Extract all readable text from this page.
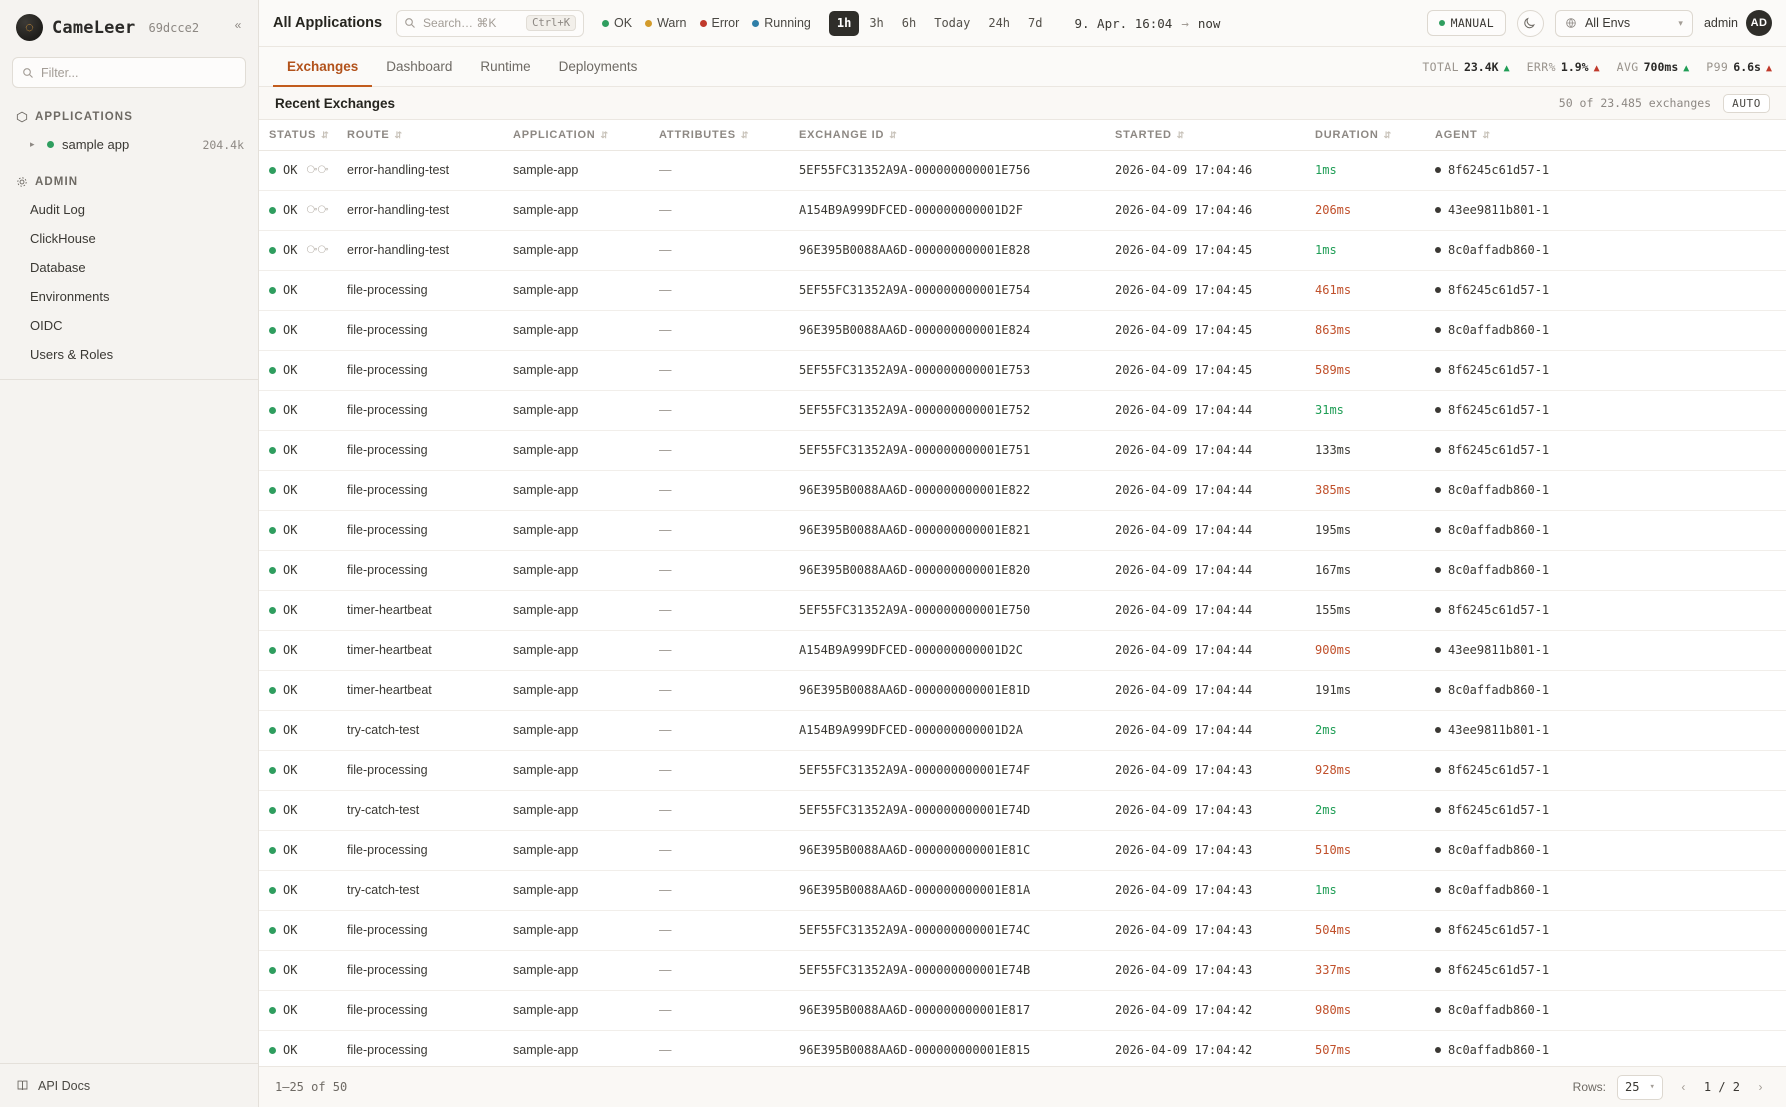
◌	CameLeer 69dcce2	«
Filter...
APPLICATIONS
▸	sample app	204.4k
ADMIN
Audit Log
ClickHouse
Database
Environments
OIDC
Users & Roles
API Docs
All Applications	Search… ⌘K	Ctrl+K	OK Warn Error Running	1h	3h	6h	Today	24h	7d	9. Apr. 16:04 → now	MANUAL	All Envs	▾ admin	AD
Exchanges	Dashboard	Runtime	Deployments	TOTAL 23.4K ▲ ERR% 1.9% ▲ AVG 700ms ▲ P99 6.6s ▲
Recent Exchanges	50 of 23.485 exchanges	AUTO
STATUS ⇵	ROUTE ⇵	APPLICATION ⇵	ATTRIBUTES ⇵	EXCHANGE ID ⇵	STARTED ⇵	DURATION ⇵	AGENT ⇵

OK ⧂⧂	error-handling-test	sample-app	—	5EF55FC31352A9A-000000000001E756	2026-04-09 17:04:46	1ms	8f6245c61d57-1

OK ⧂⧂	error-handling-test	sample-app	—	A154B9A999DFCED-000000000001D2F	2026-04-09 17:04:46	206ms	43ee9811b801-1

OK ⧂⧂	error-handling-test	sample-app	—	96E395B0088AA6D-000000000001E828	2026-04-09 17:04:45	1ms	8c0affadb860-1

OK	file-processing	sample-app	—	5EF55FC31352A9A-000000000001E754	2026-04-09 17:04:45	461ms	8f6245c61d57-1

OK	file-processing	sample-app	—	96E395B0088AA6D-000000000001E824	2026-04-09 17:04:45	863ms	8c0affadb860-1

OK	file-processing	sample-app	—	5EF55FC31352A9A-000000000001E753	2026-04-09 17:04:45	589ms	8f6245c61d57-1

OK	file-processing	sample-app	—	5EF55FC31352A9A-000000000001E752	2026-04-09 17:04:44	31ms	8f6245c61d57-1

OK	file-processing	sample-app	—	5EF55FC31352A9A-000000000001E751	2026-04-09 17:04:44	133ms	8f6245c61d57-1

OK	file-processing	sample-app	—	96E395B0088AA6D-000000000001E822	2026-04-09 17:04:44	385ms	8c0affadb860-1

OK	file-processing	sample-app	—	96E395B0088AA6D-000000000001E821	2026-04-09 17:04:44	195ms	8c0affadb860-1

OK	file-processing	sample-app	—	96E395B0088AA6D-000000000001E820	2026-04-09 17:04:44	167ms	8c0affadb860-1

OK	timer-heartbeat	sample-app	—	5EF55FC31352A9A-000000000001E750	2026-04-09 17:04:44	155ms	8f6245c61d57-1

OK	timer-heartbeat	sample-app	—	A154B9A999DFCED-000000000001D2C	2026-04-09 17:04:44	900ms	43ee9811b801-1

OK	timer-heartbeat	sample-app	—	96E395B0088AA6D-000000000001E81D	2026-04-09 17:04:44	191ms	8c0affadb860-1

OK	try-catch-test	sample-app	—	A154B9A999DFCED-000000000001D2A	2026-04-09 17:04:44	2ms	43ee9811b801-1

OK	file-processing	sample-app	—	5EF55FC31352A9A-000000000001E74F	2026-04-09 17:04:43	928ms	8f6245c61d57-1

OK	try-catch-test	sample-app	—	5EF55FC31352A9A-000000000001E74D	2026-04-09 17:04:43	2ms	8f6245c61d57-1

OK	file-processing	sample-app	—	96E395B0088AA6D-000000000001E81C	2026-04-09 17:04:43	510ms	8c0affadb860-1

OK	try-catch-test	sample-app	—	96E395B0088AA6D-000000000001E81A	2026-04-09 17:04:43	1ms	8c0affadb860-1

OK	file-processing	sample-app	—	5EF55FC31352A9A-000000000001E74C	2026-04-09 17:04:43	504ms	8f6245c61d57-1

OK	file-processing	sample-app	—	5EF55FC31352A9A-000000000001E74B	2026-04-09 17:04:43	337ms	8f6245c61d57-1

OK	file-processing	sample-app	—	96E395B0088AA6D-000000000001E817	2026-04-09 17:04:42	980ms	8c0affadb860-1

OK	file-processing	sample-app	—	96E395B0088AA6D-000000000001E815	2026-04-09 17:04:42	507ms	8c0affadb860-1
1–25 of 50	Rows: 25 ▾	‹	1 / 2	›
